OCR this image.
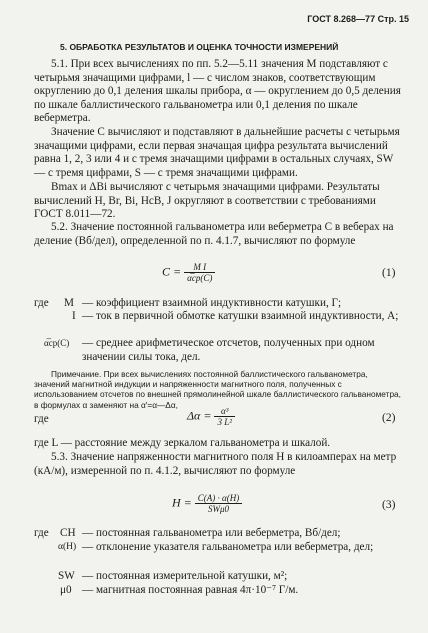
ГОСТ 8.268—77 Стр. 15
5. ОБРАБОТКА РЕЗУЛЬТАТОВ И ОЦЕНКА ТОЧНОСТИ ИЗМЕРЕНИЙ
5.1. При всех вычислениях по пп. 5.2—5.11 значения M подставляют с четырьмя значащими цифрами, l — с числом знаков, соответствующим округлению до 0,1 деления шкалы прибора, α — округлением до 0,5 деления по шкале баллистического гальванометра или 0,1 деления по шкале веберметра.
Значение C вычисляют и подставляют в дальнейшие расчеты с четырьмя значащими цифрами, если первая значащая цифра результата вычислений равна 1, 2, 3 или 4 и с тремя значащими цифрами в остальных случаях, SW — с тремя цифрами, S — с тремя значащими цифрами.
Bmax и ΔBi вычисляют с четырьмя значащими цифрами. Результаты вычислений H, Br, Bi, HcB, J округляют в соответствии с требованиями ГОСТ 8.011—72.
5.2. Значение постоянной гальванометра или веберметра C в веберах на деление (Вб/дел), определенной по п. 4.1.7, вычисляют по формуле
$C = \frac{\text{M I}}{\alpha̅ср(C)}$	(1)
где M — коэффициент взаимной индуктивности катушки, Г;
I — ток в первичной обмотке катушки взаимной индуктивности, А;
α̅ср(C) — среднее арифметическое отсчетов, полученных при одном значении силы тока, дел.
Примечание. При всех вычислениях постоянной баллистического гальванометра, значений магнитной индукции и напряженности магнитного поля, полученных с использованием отсчетов по внешней прямолинейной шкале баллистического гальванометра, в формулах α заменяют на α′=α—Δα,
где	$\Delta\alpha = \frac{\text{α³}}{\text{3 L²}}$	(2)
где L — расстояние между зеркалом гальванометра и шкалой.
5.3. Значение напряженности магнитного поля H в килоамперах на метр (кА/м), измеренной по п. 4.1.2, вычисляют по формуле
$H = \frac{C(A) \cdot \alpha(H)}{\text{SWμ0}}$	(3)
где CH — постоянная гальванометра или веберметра, Вб/дел;
α(H) — отклонение указателя гальванометра или веберметра, дел;
SW — постоянная измерительной катушки, м²;
μ0 — магнитная постоянная равная 4π·10⁻⁷ Г/м.
